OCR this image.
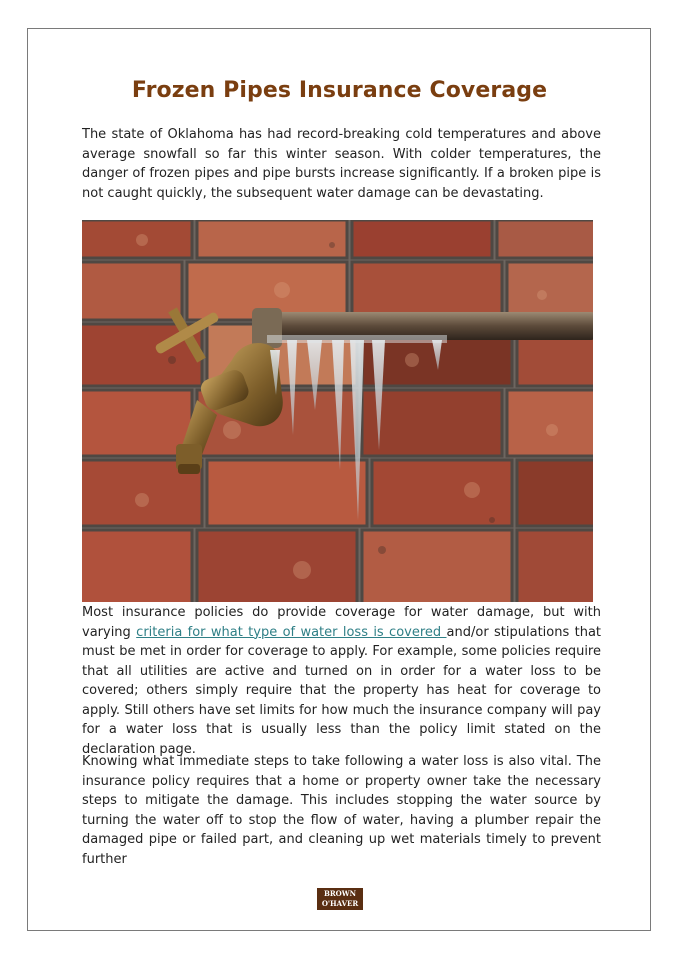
Frozen Pipes Insurance Coverage

The state of Oklahoma has had record-breaking cold temperatures and above average snowfall so far this winter season. With colder temperatures, the danger of frozen pipes and pipe bursts increase significantly. If a broken pipe is not caught quickly, the subsequent water damage can be devastating.

Most insurance policies do provide coverage for water damage, but with varying criteria for what type of water loss is covered and/or stipulations that must be met in order for coverage to apply. For example, some policies require that all utilities are active and turned on in order for a water loss to be covered; others simply require that the property has heat for coverage to apply. Still others have set limits for how much the insurance company will pay for a water loss that is usually less than the policy limit stated on the declaration page.

Knowing what immediate steps to take following a water loss is also vital. The insurance policy requires that a home or property owner take the necessary steps to mitigate the damage. This includes stopping the water source by turning the water off to stop the flow of water, having a plumber repair the damaged pipe or failed part, and cleaning up wet materials timely to prevent further

BROWN
O'HAVER
